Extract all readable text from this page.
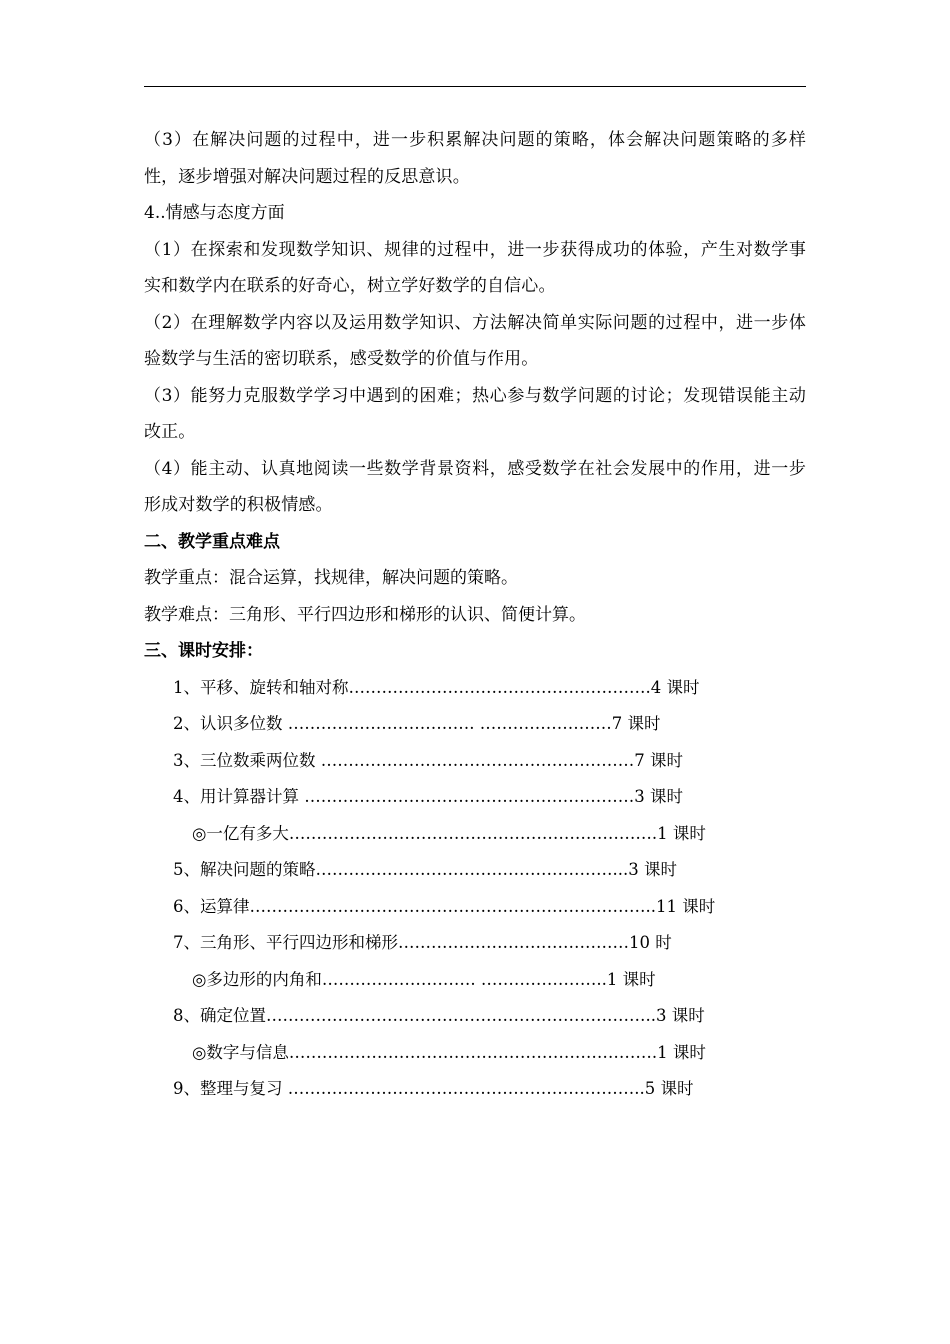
（3）在解决问题的过程中，进一步积累解决问题的策略，体会解决问题策略的多样性，逐步增强对解决问题过程的反思意识。

4..情感与态度方面

（1）在探索和发现数学知识、规律的过程中，进一步获得成功的体验，产生对数学事实和数学内在联系的好奇心，树立学好数学的自信心。

（2）在理解数学内容以及运用数学知识、方法解决简单实际问题的过程中，进一步体验数学与生活的密切联系，感受数学的价值与作用。

（3）能努力克服数学学习中遇到的困难；热心参与数学问题的讨论；发现错误能主动改正。

（4）能主动、认真地阅读一些数学背景资料，感受数学在社会发展中的作用，进一步形成对数学的积极情感。

二、教学重点难点

教学重点：混合运算，找规律，解决问题的策略。

教学难点：三角形、平行四边形和梯形的认识、简便计算。

三、课时安排：

1、平移、旋转和轴对称……………………………………………….4 课时
2、认识多位数 ……………………………. ……………………7 课时
3、三位数乘两位数 …………………………………………………7 课时
4、用计算器计算 ……………………………………………………3 课时
◎一亿有多大………………………………………………………….1 课时
5、解决问题的策略………………………………………………...3 课时
6、运算律………………………………………………………………..11 课时
7、三角形、平行四边形和梯形……………………………………10 时
◎多边形的内角和………………………. …………………..1 课时
8、确定位置……………………………………………………………..3 课时
◎数字与信息………………………………………………………….1 课时
9、整理与复习 ………………………………………………………..5 课时
